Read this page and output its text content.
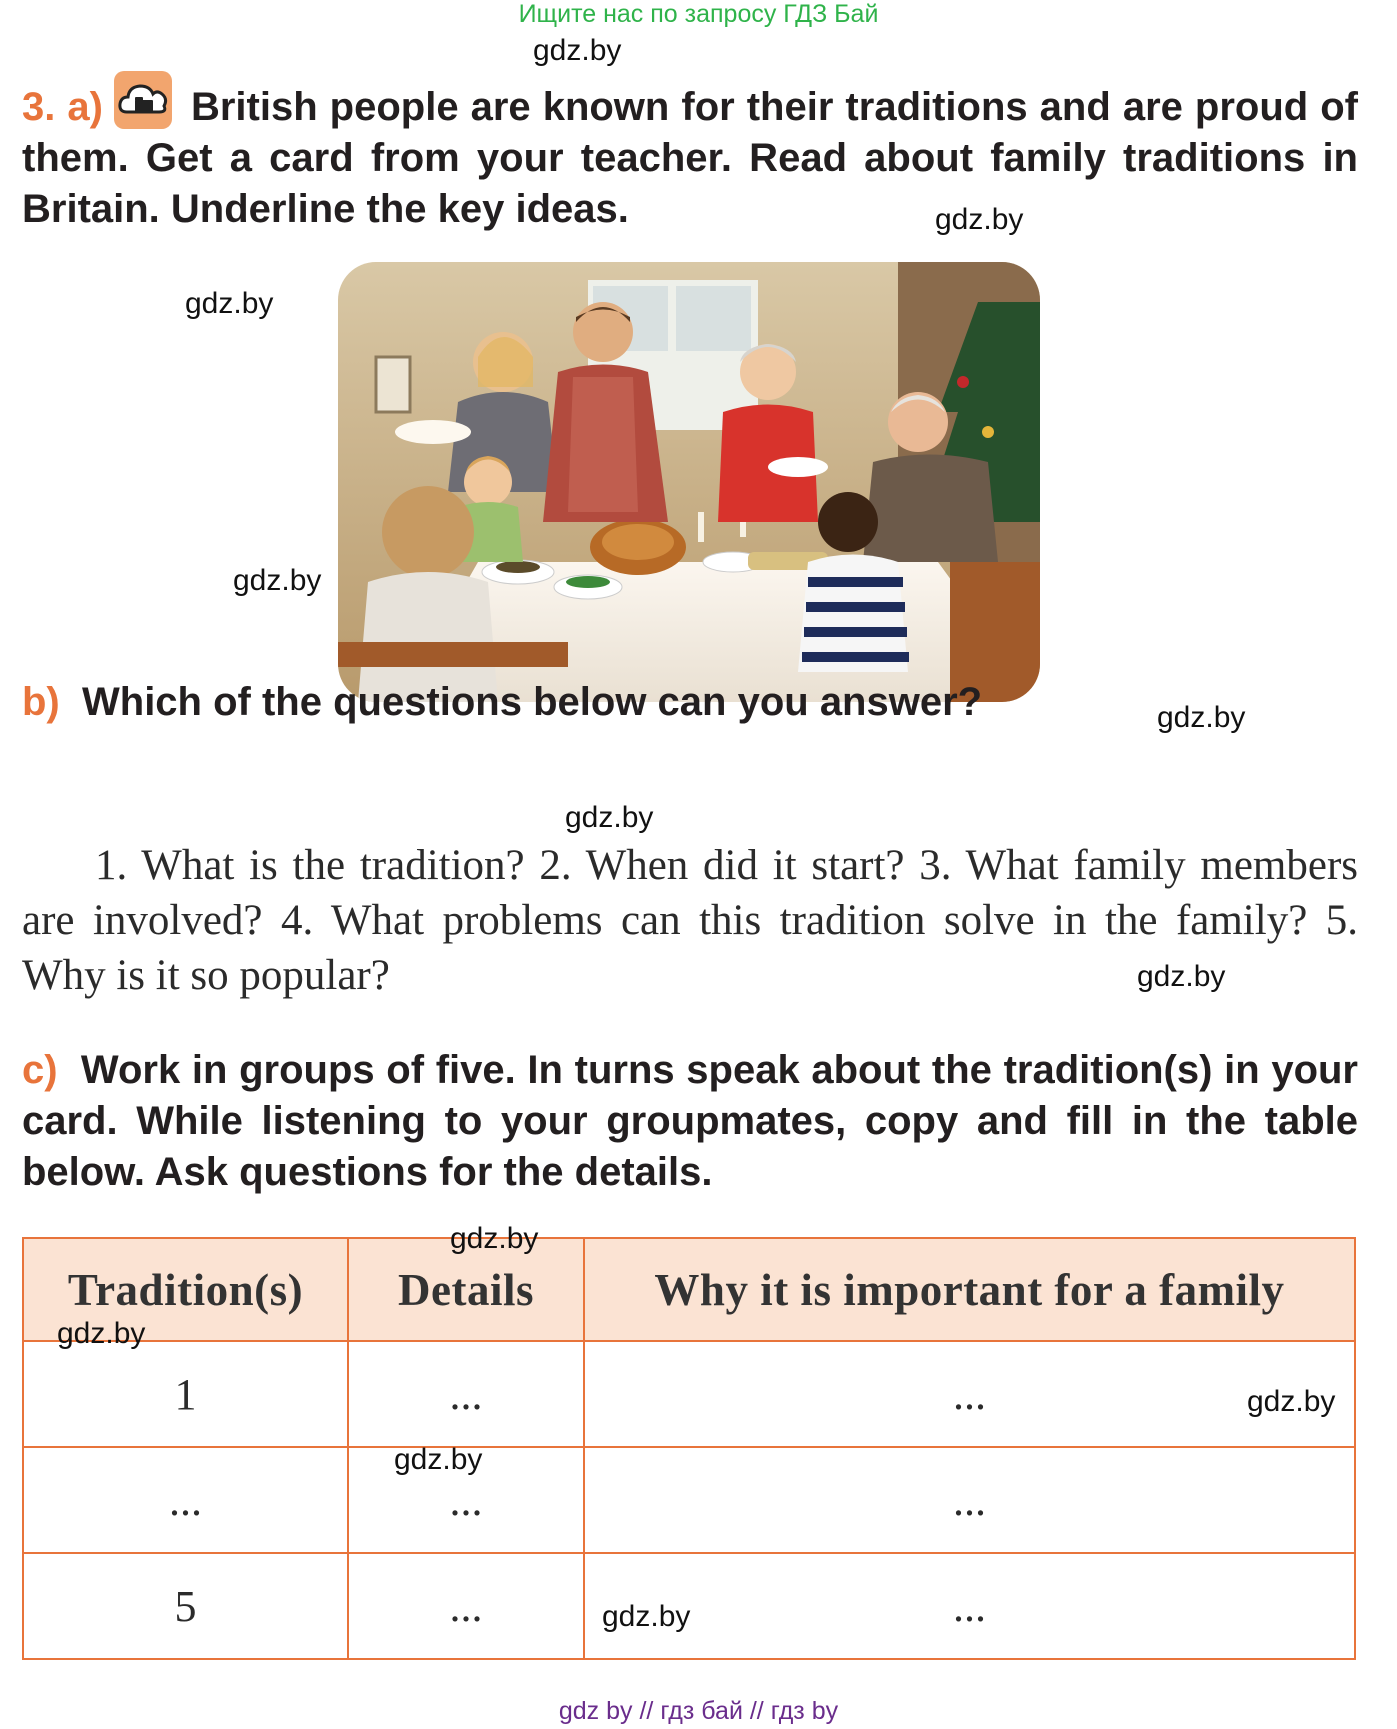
Ищите нас по запросу ГДЗ Бай
gdz.by
gdz.by
gdz.by
gdz.by
gdz.by
gdz.by
gdz.by
3. a) British people are known for their traditions and are proud of them. Get a card from your teacher. Read about family traditions in Britain. Underline the key ideas.
b) Which of the questions below can you answer?
1. What is the tradition? 2. When did it start? 3. What family members are involved? 4. What problems can this tradition solve in the family? 5. Why is it so popular?
c) Work in groups of five. In turns speak about the tradition(s) in your card. While listening to your groupmates, copy and fill in the table below. Ask questions for the details.
Tradition(s)	Details	Why it is important for a family
1	...	...
...	...	...
5	...	...
gdz.by
gdz.by
gdz.by
gdz.by
gdz.by
gdz by // гдз бай // гдз by
